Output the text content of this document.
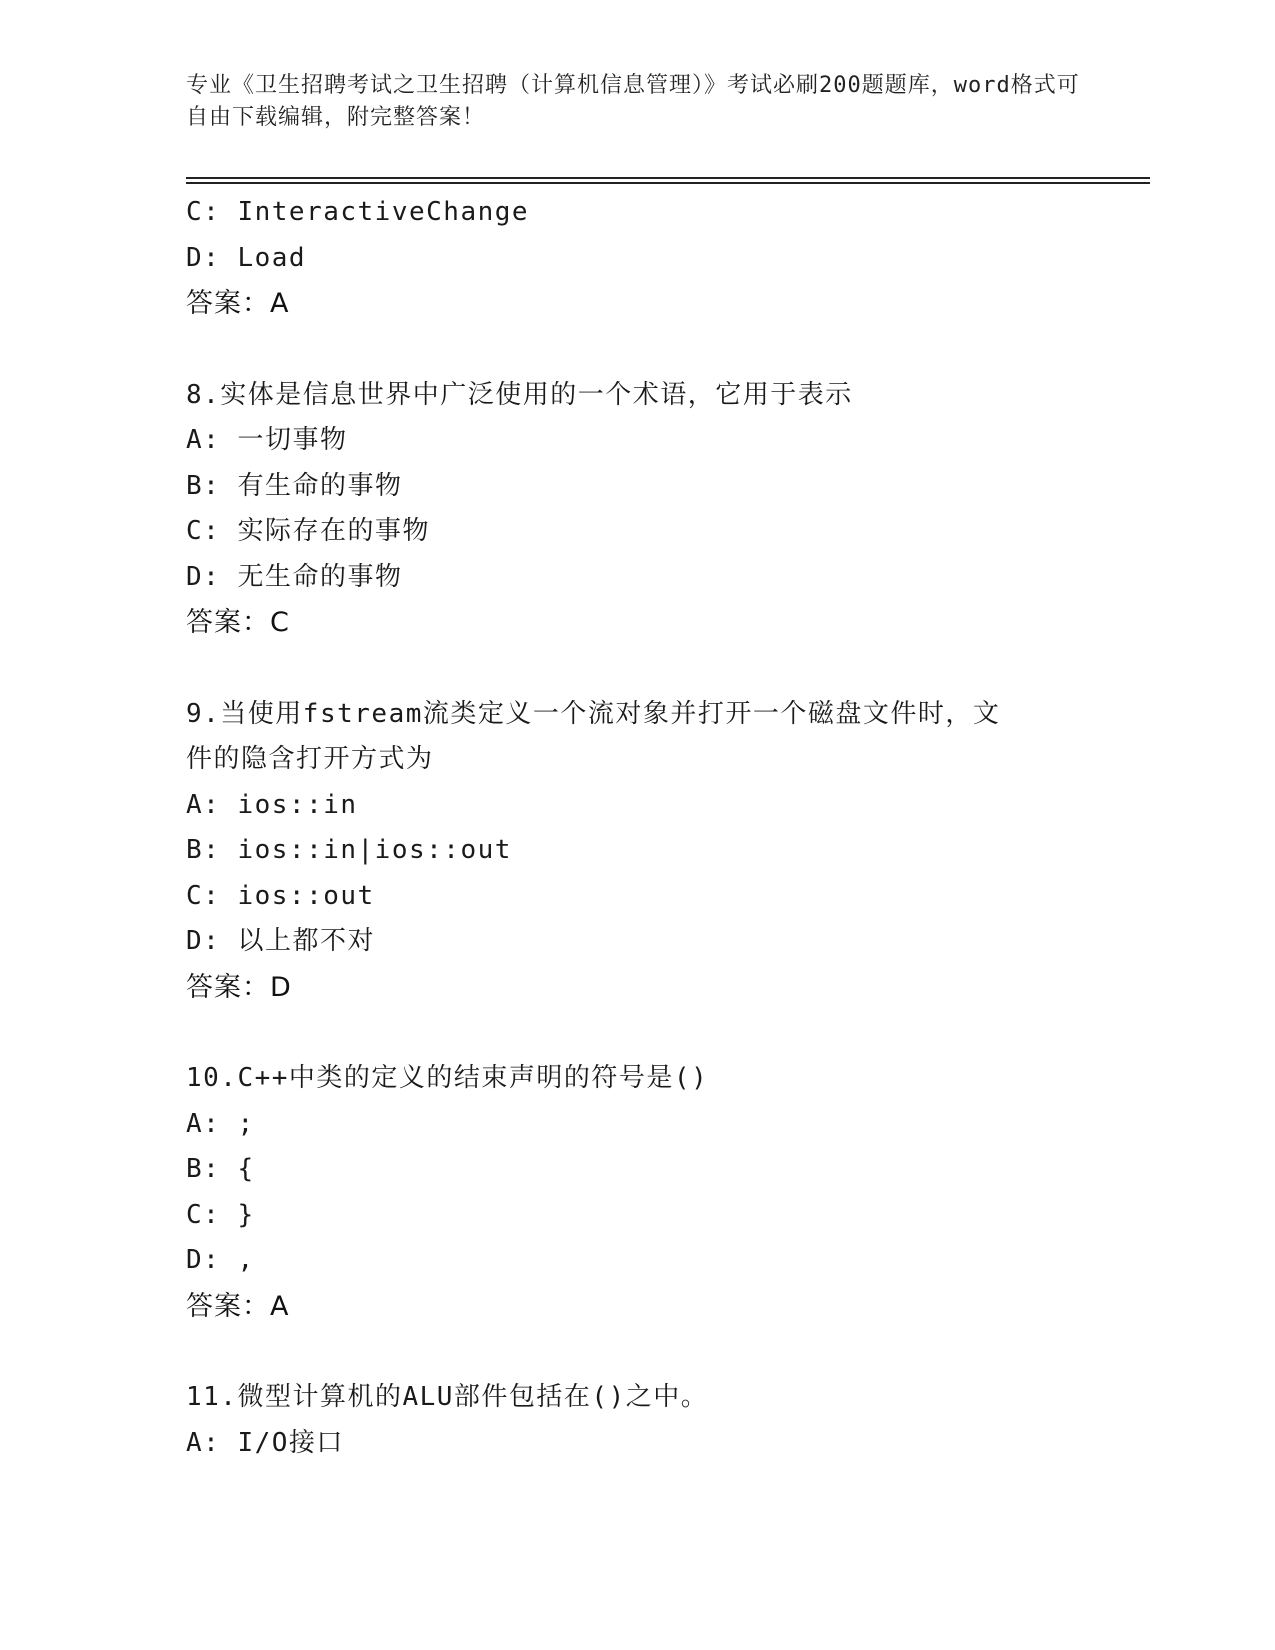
专业《卫生招聘考试之卫生招聘（计算机信息管理）》考试必刷200题题库，word格式可自由下载编辑，附完整答案！
C: InteractiveChange
D: Load
答案：A
8.实体是信息世界中广泛使用的一个术语，它用于表示
A: 一切事物
B: 有生命的事物
C: 实际存在的事物
D: 无生命的事物
答案：C
9.当使用fstream流类定义一个流对象并打开一个磁盘文件时，文件的隐含打开方式为
A: ios::in
B: ios::in|ios::out
C: ios::out
D: 以上都不对
答案：D
10.C++中类的定义的结束声明的符号是()
A: ;
B: {
C: }
D: ,
答案：A
11.微型计算机的ALU部件包括在()之中。
A: I/O接口
